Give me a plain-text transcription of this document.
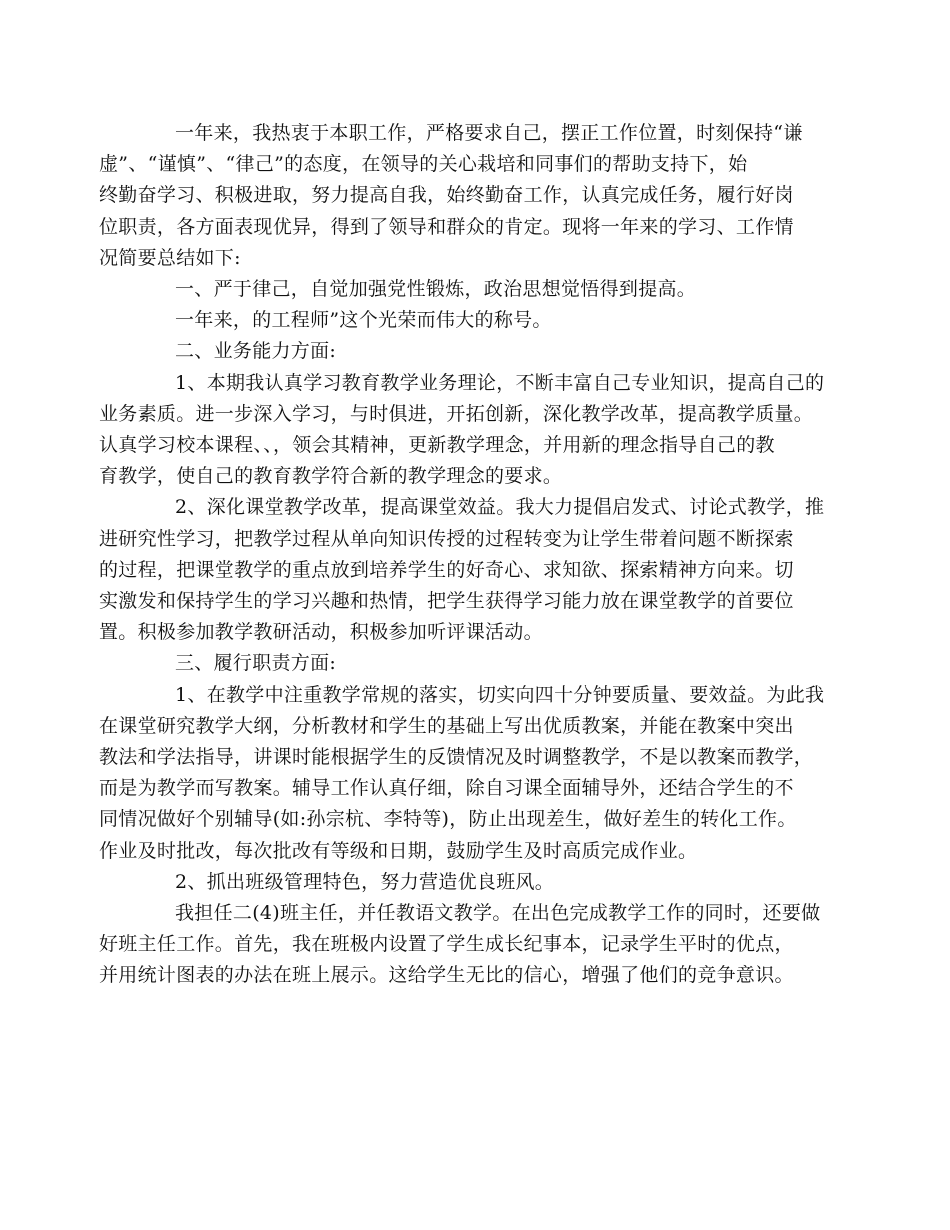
一年来，我热衷于本职工作，严格要求自己，摆正工作位置，时刻保持“谦
虚”、“谨慎”、“律己”的态度，在领导的关心栽培和同事们的帮助支持下，始
终勤奋学习、积极进取，努力提高自我，始终勤奋工作，认真完成任务，履行好岗
位职责，各方面表现优异，得到了领导和群众的肯定。现将一年来的学习、工作情
况简要总结如下:

一、严于律己，自觉加强党性锻炼，政治思想觉悟得到提高。

一年来，的工程师”这个光荣而伟大的称号。

二、业务能力方面:

1、本期我认真学习教育教学业务理论，不断丰富自己专业知识，提高自己的
业务素质。进一步深入学习，与时俱进，开拓创新，深化教学改革，提高教学质量。
认真学习校本课程、、，领会其精神，更新教学理念，并用新的理念指导自己的教
育教学，使自己的教育教学符合新的教学理念的要求。

2、深化课堂教学改革，提高课堂效益。我大力提倡启发式、讨论式教学，推
进研究性学习，把教学过程从单向知识传授的过程转变为让学生带着问题不断探索
的过程，把课堂教学的重点放到培养学生的好奇心、求知欲、探索精神方向来。切
实激发和保持学生的学习兴趣和热情，把学生获得学习能力放在课堂教学的首要位
置。积极参加教学教研活动，积极参加听评课活动。

三、履行职责方面:

1、在教学中注重教学常规的落实，切实向四十分钟要质量、要效益。为此我
在课堂研究教学大纲，分析教材和学生的基础上写出优质教案，并能在教案中突出
教法和学法指导，讲课时能根据学生的反馈情况及时调整教学，不是以教案而教学，
而是为教学而写教案。辅导工作认真仔细，除自习课全面辅导外，还结合学生的不
同情况做好个别辅导(如:孙宗杭、李特等)，防止出现差生，做好差生的转化工作。
作业及时批改，每次批改有等级和日期，鼓励学生及时高质完成作业。

2、抓出班级管理特色，努力营造优良班风。

我担任二(4)班主任，并任教语文教学。在出色完成教学工作的同时，还要做
好班主任工作。首先，我在班极内设置了学生成长纪事本，记录学生平时的优点，
并用统计图表的办法在班上展示。这给学生无比的信心，增强了他们的竞争意识。
